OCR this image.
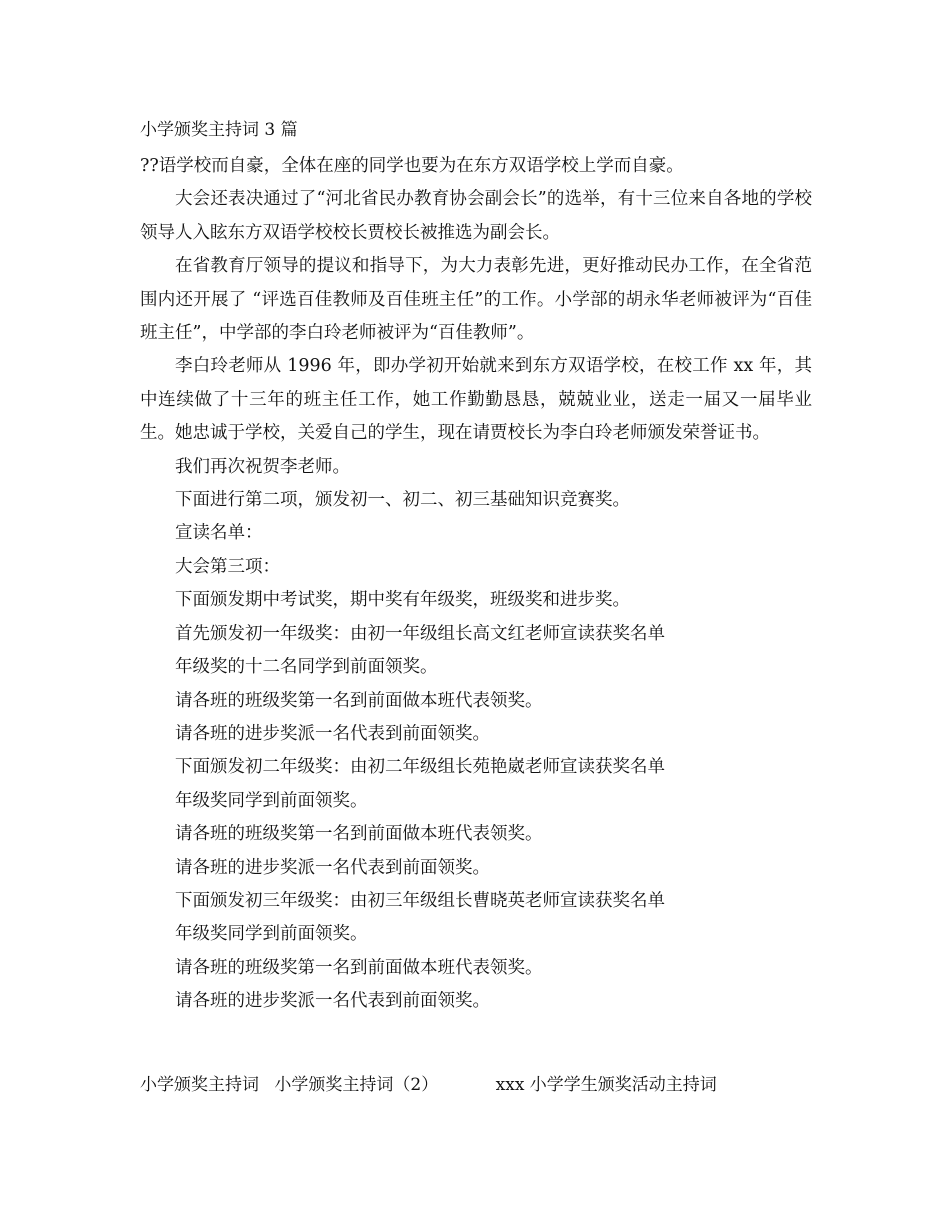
小学颁奖主持词 3 篇

??语学校而自豪，全体在座的同学也要为在东方双语学校上学而自豪。

大会还表决通过了“河北省民办教育协会副会长”的选举，有十三位来自各地的学校领导人入眩东方双语学校校长贾校长被推选为副会长。

在省教育厅领导的提议和指导下，为大力表彰先进，更好推动民办工作，在全省范围内还开展了 “评选百佳教师及百佳班主任”的工作。小学部的胡永华老师被评为“百佳班主任”，中学部的李白玲老师被评为“百佳教师”。

李白玲老师从 1996 年，即办学初开始就来到东方双语学校，在校工作 xx 年，其中连续做了十三年的班主任工作，她工作勤勤恳恳，兢兢业业，送走一届又一届毕业生。她忠诚于学校，关爱自己的学生，现在请贾校长为李白玲老师颁发荣誉证书。

我们再次祝贺李老师。

下面进行第二项，颁发初一、初二、初三基础知识竞赛奖。

宣读名单：

大会第三项：

下面颁发期中考试奖，期中奖有年级奖，班级奖和进步奖。

首先颁发初一年级奖：由初一年级组长高文红老师宣读获奖名单

年级奖的十二名同学到前面领奖。

请各班的班级奖第一名到前面做本班代表领奖。

请各班的进步奖派一名代表到前面领奖。

下面颁发初二年级奖：由初二年级组长苑艳崴老师宣读获奖名单

年级奖同学到前面领奖。

请各班的班级奖第一名到前面做本班代表领奖。

请各班的进步奖派一名代表到前面领奖。

下面颁发初三年级奖：由初三年级组长曹晓英老师宣读获奖名单

年级奖同学到前面领奖。

请各班的班级奖第一名到前面做本班代表领奖。

请各班的进步奖派一名代表到前面领奖。

小学颁奖主持词 小学颁奖主持词（2）	xxx 小学学生颁奖活动主持词
